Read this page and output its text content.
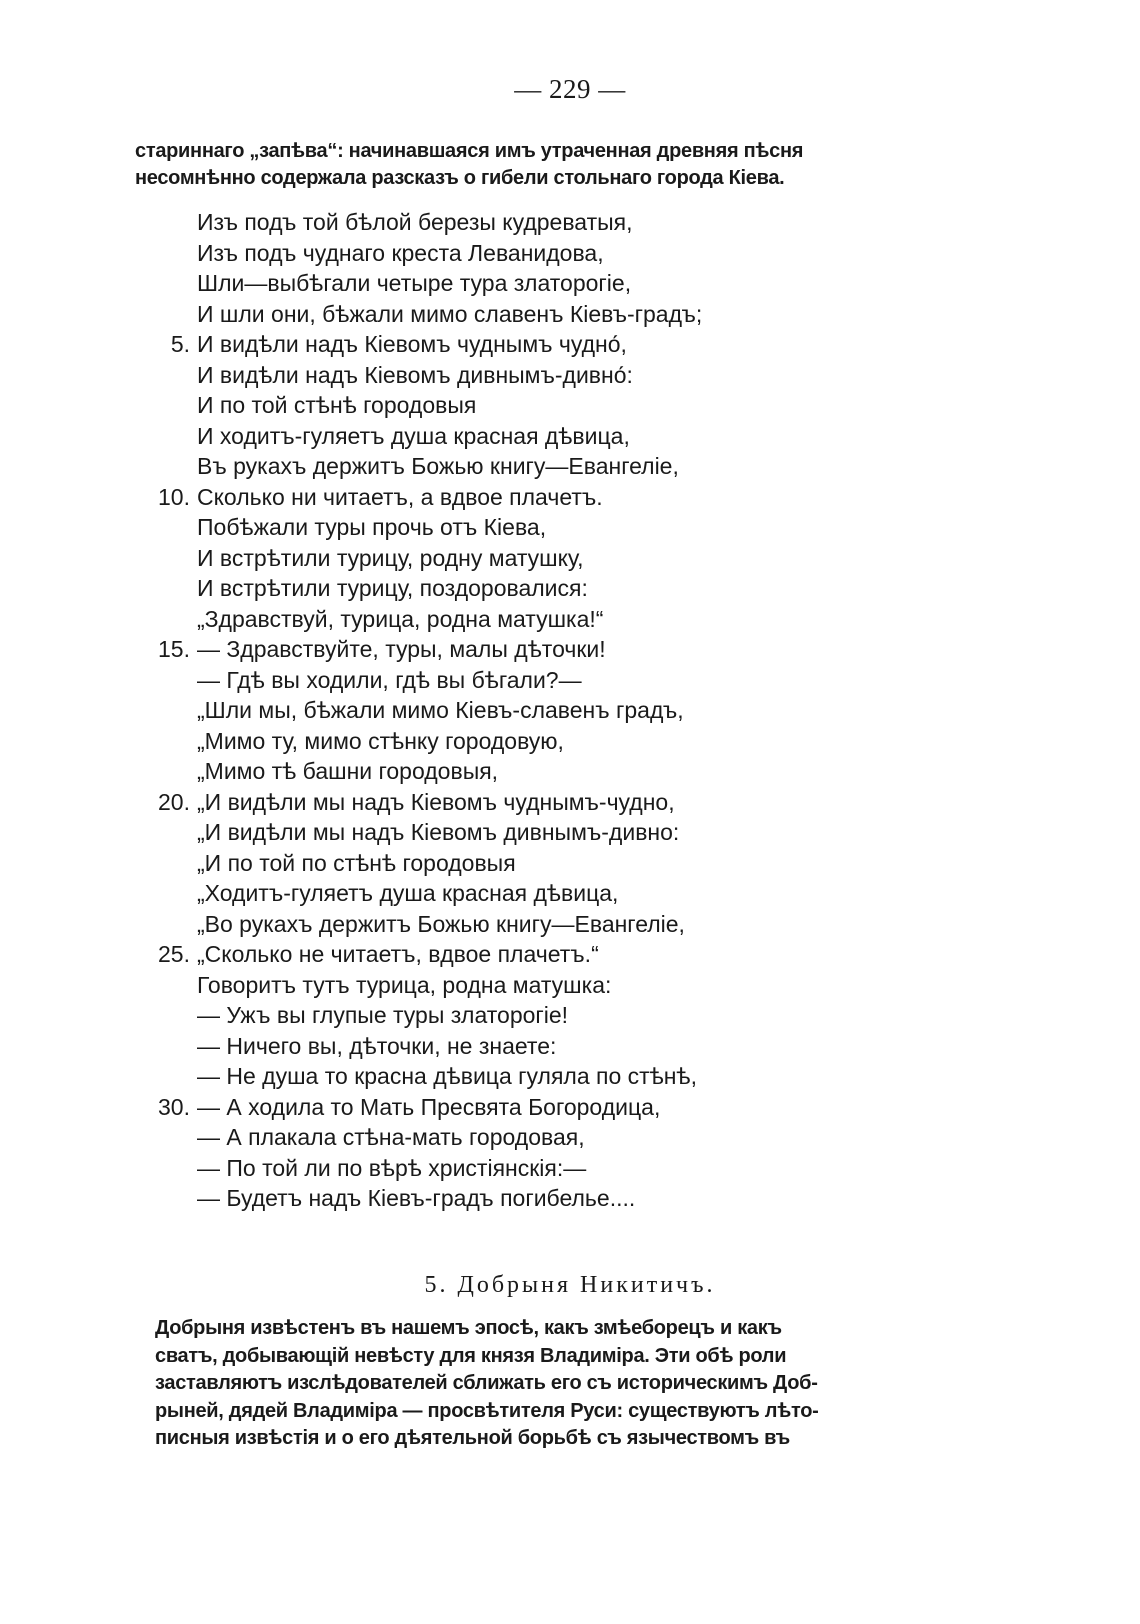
— 229 —
стариннаго „запѣва“: начинавшаяся имъ утраченная древняя пѣсня
несомнѣнно содержала разсказъ о гибели стольнаго города Кіева.
Изъ подъ той бѣлой березы кудреватыя,
Изъ подъ чуднаго креста Леванидова,
Шли—выбѣгали четыре тура златорогіе,
И шли они, бѣжали мимо славенъ Кіевъ-градъ;
5. И видѣли надъ Кіевомъ чуднымъ чудно́,
И видѣли надъ Кіевомъ дивнымъ-дивно́:
И по той стѣнѣ городовыя
И ходитъ-гуляетъ душа красная дѣвица,
Въ рукахъ держитъ Божью книгу—Евангеліе,
10. Сколько ни читаетъ, а вдвое плачетъ.
Побѣжали туры прочь отъ Кіева,
И встрѣтили турицу, родну матушку,
И встрѣтили турицу, поздоровалися:
„Здравствуй, турица, родна матушка!“
15. — Здравствуйте, туры, малы дѣточки!
— Гдѣ вы ходили, гдѣ вы бѣгали?—
„Шли мы, бѣжали мимо Кіевъ-славенъ градъ,
„Мимо ту, мимо стѣнку городовую,
„Мимо тѣ башни городовыя,
20. „И видѣли мы надъ Кіевомъ чуднымъ-чудно,
„И видѣли мы надъ Кіевомъ дивнымъ-дивно:
„И по той по стѣнѣ городовыя
„Ходитъ-гуляетъ душа красная дѣвица,
„Во рукахъ держитъ Божью книгу—Евангеліе,
25. „Сколько не читаетъ, вдвое плачетъ.“
Говоритъ тутъ турица, родна матушка:
— Ужъ вы глупые туры златорогіе!
— Ничего вы, дѣточки, не знаете:
— Не душа то красна дѣвица гуляла по стѣнѣ,
30. — А ходила то Мать Пресвята Богородица,
— А плакала стѣна-мать городовая,
— По той ли по вѣрѣ христіянскія:—
— Будетъ надъ Кіевъ-градъ погибелье....
5. Добрыня Никитичъ.
Добрыня извѣстенъ въ нашемъ эпосѣ, какъ змѣеборецъ и какъ
сватъ, добывающій невѣсту для князя Владиміра. Эти обѣ роли
заставляютъ изслѣдователей сближать его съ историческимъ Доб-
рыней, дядей Владиміра — просвѣтителя Руси: существуютъ лѣто-
писныя извѣстія и о его дѣятельной борьбѣ съ язычествомъ въ
